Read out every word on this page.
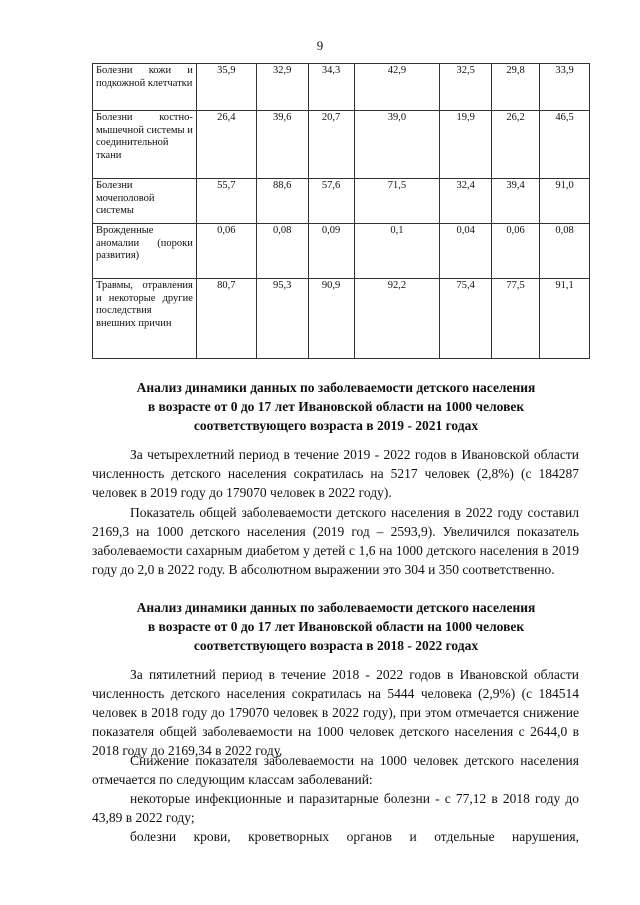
9
Болезни кожи и подкожной клетчатки	35,9	32,9	34,3	42,9	32,5	29,8	33,9
Болезни костно-мышечной системы и соединительной ткани	26,4	39,6	20,7	39,0	19,9	26,2	46,5
Болезни мочеполовой системы	55,7	88,6	57,6	71,5	32,4	39,4	91,0
Врожденные аномалии (пороки развития)	0,06	0,08	0,09	0,1	0,04	0,06	0,08
Травмы, отравления и некоторые другие последствия внешних причин	80,7	95,3	90,9	92,2	75,4	77,5	91,1
Анализ динамики данных по заболеваемости детского населения
в возрасте от 0 до 17 лет Ивановской области на 1000 человек
соответствующего возраста в 2019 - 2021 годах

За четырехлетний период в течение 2019 - 2022 годов в Ивановской области численность детского населения сократилась на 5217 человек (2,8%) (с 184287 человек в 2019 году до 179070 человек в 2022 году).

Показатель общей заболеваемости детского населения в 2022 году составил 2169,3 на 1000 детского населения (2019 год – 2593,9). Увеличился показатель заболеваемости сахарным диабетом у детей с 1,6 на 1000 детского населения в 2019 году до 2,0 в 2022 году. В абсолютном выражении это 304 и 350 соответственно.

Анализ динамики данных по заболеваемости детского населения
в возрасте от 0 до 17 лет Ивановской области на 1000 человек
соответствующего возраста в 2018 - 2022 годах

За пятилетний период в течение 2018 - 2022 годов в Ивановской области численность детского населения сократилась на 5444 человека (2,9%) (с 184514 человек в 2018 году до 179070 человек в 2022 году), при этом отмечается снижение показателя общей заболеваемости на 1000 человек детского населения с 2644,0 в 2018 году до 2169,34 в 2022 году.

Снижение показателя заболеваемости на 1000 человек детского населения отмечается по следующим классам заболеваний:

некоторые инфекционные и паразитарные болезни - с 77,12 в 2018 году до 43,89 в 2022 году;

болезни крови, кроветворных органов и отдельные нарушения,
